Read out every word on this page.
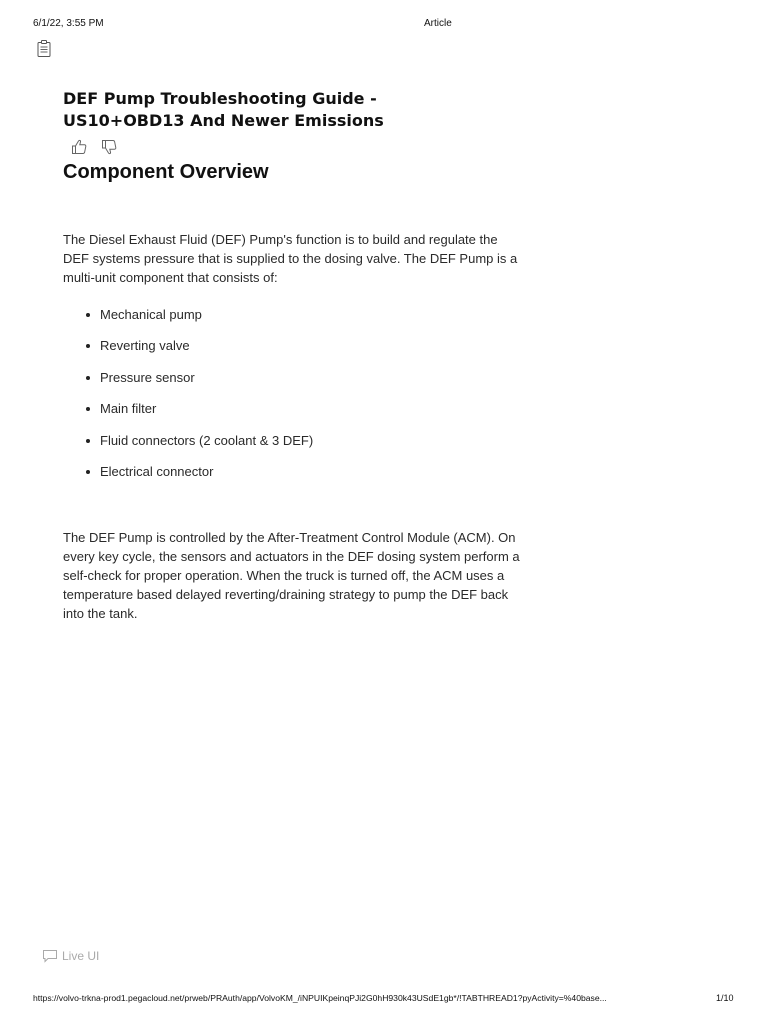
6/1/22, 3:55 PM	Article
DEF Pump Troubleshooting Guide - US10+OBD13 And Newer Emissions
Component Overview

The Diesel Exhaust Fluid (DEF) Pump's function is to build and regulate the DEF systems pressure that is supplied to the dosing valve. The DEF Pump is a multi-unit component that consists of:

Mechanical pump
Reverting valve
Pressure sensor
Main filter
Fluid connectors (2 coolant & 3 DEF)
Electrical connector

The DEF Pump is controlled by the After-Treatment Control Module (ACM). On every key cycle, the sensors and actuators in the DEF dosing system perform a self-check for proper operation. When the truck is turned off, the ACM uses a temperature based delayed reverting/draining strategy to pump the DEF back into the tank.

Live UI
https://volvo-trkna-prod1.pegacloud.net/prweb/PRAuth/app/VolvoKM_/iNPUIKpeinqPJi2G0hH930k43USdE1gb*/!TABTHREAD1?pyActivity=%40base...	1/10
